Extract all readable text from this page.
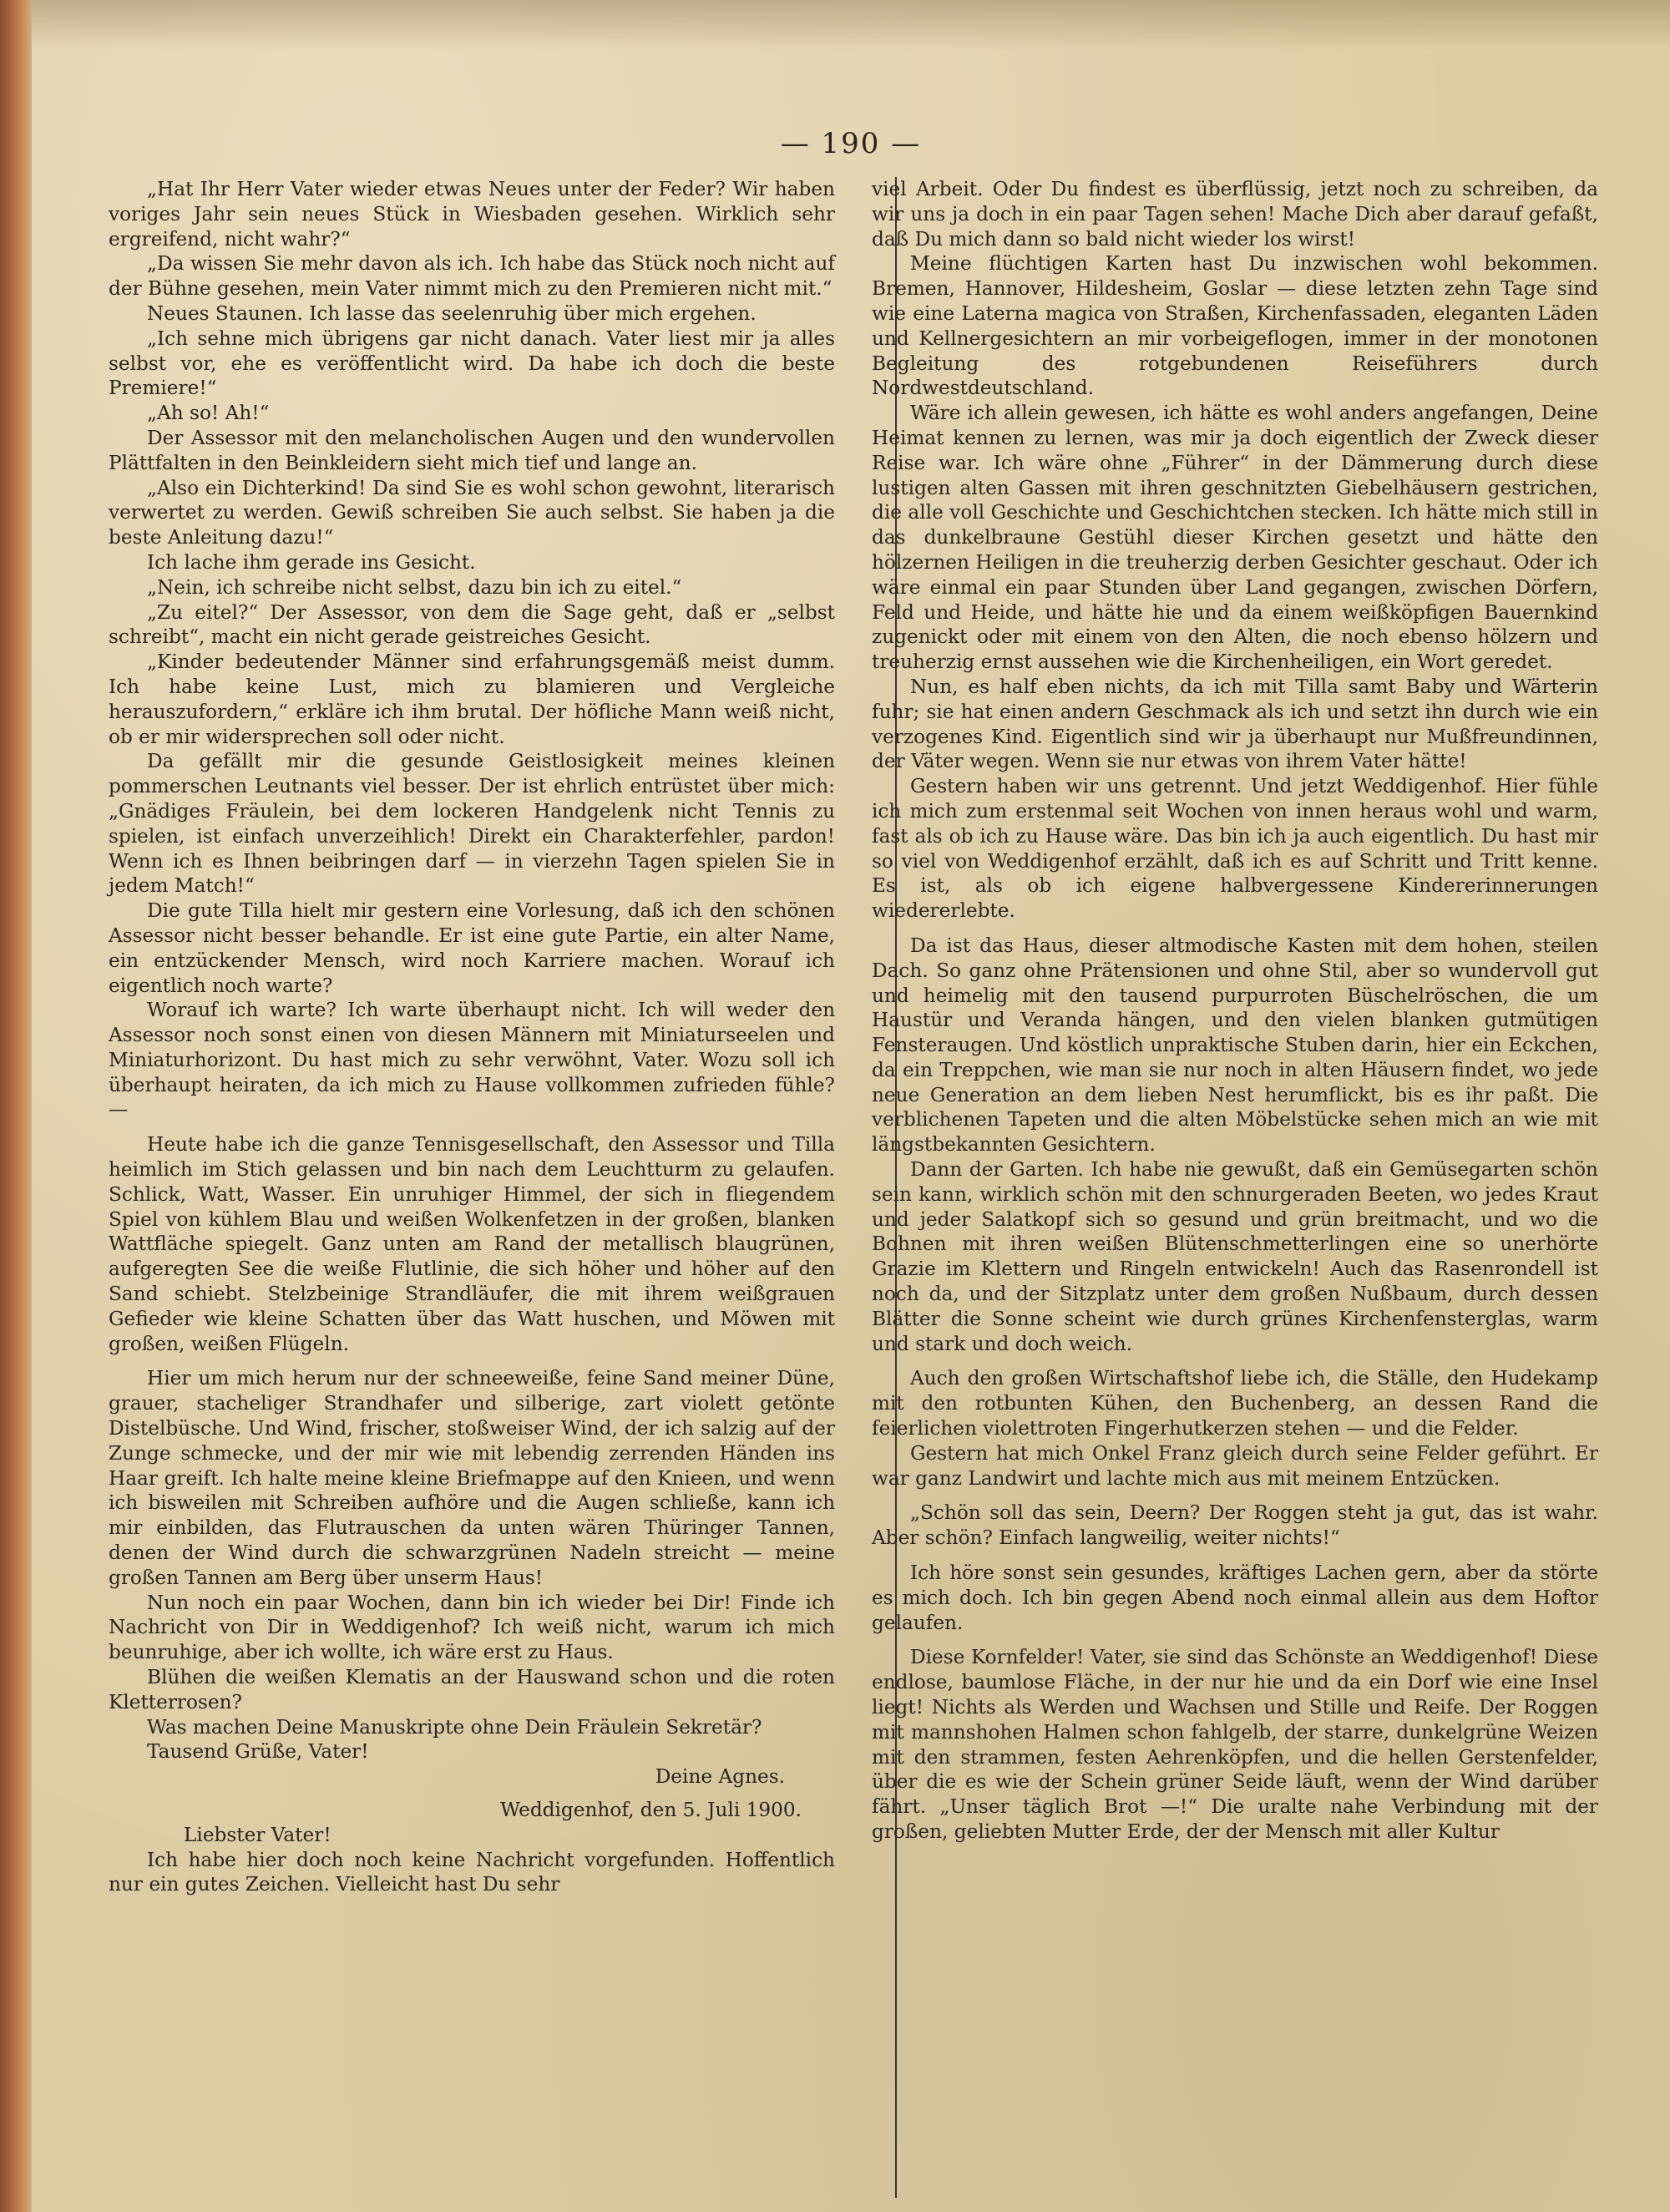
— 190 —

„Hat Ihr Herr Vater wieder etwas Neues unter der Feder? Wir haben voriges Jahr sein neues Stück in Wiesbaden gesehen. Wirklich sehr ergreifend, nicht wahr?“

„Da wissen Sie mehr davon als ich. Ich habe das Stück noch nicht auf der Bühne gesehen, mein Vater nimmt mich zu den Premieren nicht mit.“

Neues Staunen. Ich lasse das seelenruhig über mich ergehen.

„Ich sehne mich übrigens gar nicht danach. Vater liest mir ja alles selbst vor, ehe es veröffentlicht wird. Da habe ich doch die beste Premiere!“

„Ah so! Ah!“

Der Assessor mit den melancholischen Augen und den wundervollen Plättfalten in den Beinkleidern sieht mich tief und lange an.

„Also ein Dichterkind! Da sind Sie es wohl schon gewohnt, literarisch verwertet zu werden. Gewiß schreiben Sie auch selbst. Sie haben ja die beste Anleitung dazu!“

Ich lache ihm gerade ins Gesicht.

„Nein, ich schreibe nicht selbst, dazu bin ich zu eitel.“

„Zu eitel?“ Der Assessor, von dem die Sage geht, daß er „selbst schreibt“, macht ein nicht gerade geistreiches Gesicht.

„Kinder bedeutender Männer sind erfahrungsgemäß meist dumm. Ich habe keine Lust, mich zu blamieren und Vergleiche herauszufordern,“ erkläre ich ihm brutal. Der höfliche Mann weiß nicht, ob er mir widersprechen soll oder nicht.

Da gefällt mir die gesunde Geistlosigkeit meines kleinen pommerschen Leutnants viel besser. Der ist ehrlich entrüstet über mich: „Gnädiges Fräulein, bei dem lockeren Handgelenk nicht Tennis zu spielen, ist einfach unverzeihlich! Direkt ein Charakterfehler, pardon! Wenn ich es Ihnen beibringen darf — in vierzehn Tagen spielen Sie in jedem Match!“

Die gute Tilla hielt mir gestern eine Vorlesung, daß ich den schönen Assessor nicht besser behandle. Er ist eine gute Partie, ein alter Name, ein entzückender Mensch, wird noch Karriere machen. Worauf ich eigentlich noch warte?

Worauf ich warte? Ich warte überhaupt nicht. Ich will weder den Assessor noch sonst einen von diesen Männern mit Miniaturseelen und Miniaturhorizont. Du hast mich zu sehr verwöhnt, Vater. Wozu soll ich überhaupt heiraten, da ich mich zu Hause vollkommen zufrieden fühle? —

Heute habe ich die ganze Tennisgesellschaft, den Assessor und Tilla heimlich im Stich gelassen und bin nach dem Leuchtturm zu gelaufen. Schlick, Watt, Wasser. Ein unruhiger Himmel, der sich in fliegendem Spiel von kühlem Blau und weißen Wolkenfetzen in der großen, blanken Wattfläche spiegelt. Ganz unten am Rand der metallisch blaugrünen, aufgeregten See die weiße Flutlinie, die sich höher und höher auf den Sand schiebt. Stelzbeinige Strandläufer, die mit ihrem weißgrauen Gefieder wie kleine Schatten über das Watt huschen, und Möwen mit großen, weißen Flügeln.

Hier um mich herum nur der schneeweiße, feine Sand meiner Düne, grauer, stacheliger Strandhafer und silberige, zart violett getönte Distelbüsche. Und Wind, frischer, stoßweiser Wind, der ich salzig auf der Zunge schmecke, und der mir wie mit lebendig zerrenden Händen ins Haar greift. Ich halte meine kleine Briefmappe auf den Knieen, und wenn ich bisweilen mit Schreiben aufhöre und die Augen schließe, kann ich mir einbilden, das Flutrauschen da unten wären Thüringer Tannen, denen der Wind durch die schwarzgrünen Nadeln streicht — meine großen Tannen am Berg über unserm Haus!

Nun noch ein paar Wochen, dann bin ich wieder bei Dir! Finde ich Nachricht von Dir in Weddigenhof? Ich weiß nicht, warum ich mich beunruhige, aber ich wollte, ich wäre erst zu Haus.

Blühen die weißen Klematis an der Hauswand schon und die roten Kletterrosen?

Was machen Deine Manuskripte ohne Dein Fräulein Sekretär?

Tausend Grüße, Vater!

Deine Agnes.

Weddigenhof, den 5. Juli 1900.

Liebster Vater!

Ich habe hier doch noch keine Nachricht vorgefunden. Hoffentlich nur ein gutes Zeichen. Vielleicht hast Du sehr

viel Arbeit. Oder Du findest es überflüssig, jetzt noch zu schreiben, da wir uns ja doch in ein paar Tagen sehen! Mache Dich aber darauf gefaßt, daß Du mich dann so bald nicht wieder los wirst!

Meine flüchtigen Karten hast Du inzwischen wohl bekommen. Bremen, Hannover, Hildesheim, Goslar — diese letzten zehn Tage sind wie eine Laterna magica von Straßen, Kirchenfassaden, eleganten Läden und Kellnergesichtern an mir vorbeigeflogen, immer in der monotonen Begleitung des rotgebundenen Reiseführers durch Nordwestdeutschland.

Wäre ich allein gewesen, ich hätte es wohl anders angefangen, Deine Heimat kennen zu lernen, was mir ja doch eigentlich der Zweck dieser Reise war. Ich wäre ohne „Führer“ in der Dämmerung durch diese lustigen alten Gassen mit ihren geschnitzten Giebelhäusern gestrichen, die alle voll Geschichte und Geschichtchen stecken. Ich hätte mich still in das dunkelbraune Gestühl dieser Kirchen gesetzt und hätte den hölzernen Heiligen in die treuherzig derben Gesichter geschaut. Oder ich wäre einmal ein paar Stunden über Land gegangen, zwischen Dörfern, Feld und Heide, und hätte hie und da einem weißköpfigen Bauernkind zugenickt oder mit einem von den Alten, die noch ebenso hölzern und treuherzig ernst aussehen wie die Kirchenheiligen, ein Wort geredet.

Nun, es half eben nichts, da ich mit Tilla samt Baby und Wärterin fuhr; sie hat einen andern Geschmack als ich und setzt ihn durch wie ein verzogenes Kind. Eigentlich sind wir ja überhaupt nur Mußfreundinnen, der Väter wegen. Wenn sie nur etwas von ihrem Vater hätte!

Gestern haben wir uns getrennt. Und jetzt Weddigenhof. Hier fühle ich mich zum erstenmal seit Wochen von innen heraus wohl und warm, fast als ob ich zu Hause wäre. Das bin ich ja auch eigentlich. Du hast mir so viel von Weddigenhof erzählt, daß ich es auf Schritt und Tritt kenne. Es ist, als ob ich eigene halbvergessene Kindererinnerungen wiedererlebte.

Da ist das Haus, dieser altmodische Kasten mit dem hohen, steilen Dach. So ganz ohne Prätensionen und ohne Stil, aber so wundervoll gut und heimelig mit den tausend purpurroten Büschelröschen, die um Haustür und Veranda hängen, und den vielen blanken gutmütigen Fensteraugen. Und köstlich unpraktische Stuben darin, hier ein Eckchen, da ein Treppchen, wie man sie nur noch in alten Häusern findet, wo jede neue Generation an dem lieben Nest herumflickt, bis es ihr paßt. Die verblichenen Tapeten und die alten Möbelstücke sehen mich an wie mit längstbekannten Gesichtern.

Dann der Garten. Ich habe nie gewußt, daß ein Gemüsegarten schön sein kann, wirklich schön mit den schnurgeraden Beeten, wo jedes Kraut und jeder Salatkopf sich so gesund und grün breitmacht, und wo die Bohnen mit ihren weißen Blütenschmetterlingen eine so unerhörte Grazie im Klettern und Ringeln entwickeln! Auch das Rasenrondell ist noch da, und der Sitzplatz unter dem großen Nußbaum, durch dessen Blätter die Sonne scheint wie durch grünes Kirchenfensterglas, warm und stark und doch weich.

Auch den großen Wirtschaftshof liebe ich, die Ställe, den Hudekamp mit den rotbunten Kühen, den Buchenberg, an dessen Rand die feierlichen violettroten Fingerhutkerzen stehen — und die Felder.

Gestern hat mich Onkel Franz gleich durch seine Felder geführt. Er war ganz Landwirt und lachte mich aus mit meinem Entzücken.

„Schön soll das sein, Deern? Der Roggen steht ja gut, das ist wahr. Aber schön? Einfach langweilig, weiter nichts!“

Ich höre sonst sein gesundes, kräftiges Lachen gern, aber da störte es mich doch. Ich bin gegen Abend noch einmal allein aus dem Hoftor gelaufen.

Diese Kornfelder! Vater, sie sind das Schönste an Weddigenhof! Diese endlose, baumlose Fläche, in der nur hie und da ein Dorf wie eine Insel liegt! Nichts als Werden und Wachsen und Stille und Reife. Der Roggen mit mannshohen Halmen schon fahlgelb, der starre, dunkelgrüne Weizen mit den strammen, festen Aehrenköpfen, und die hellen Gerstenfelder, über die es wie der Schein grüner Seide läuft, wenn der Wind darüber fährt. „Unser täglich Brot —!“ Die uralte nahe Verbindung mit der großen, geliebten Mutter Erde, der der Mensch mit aller Kultur
